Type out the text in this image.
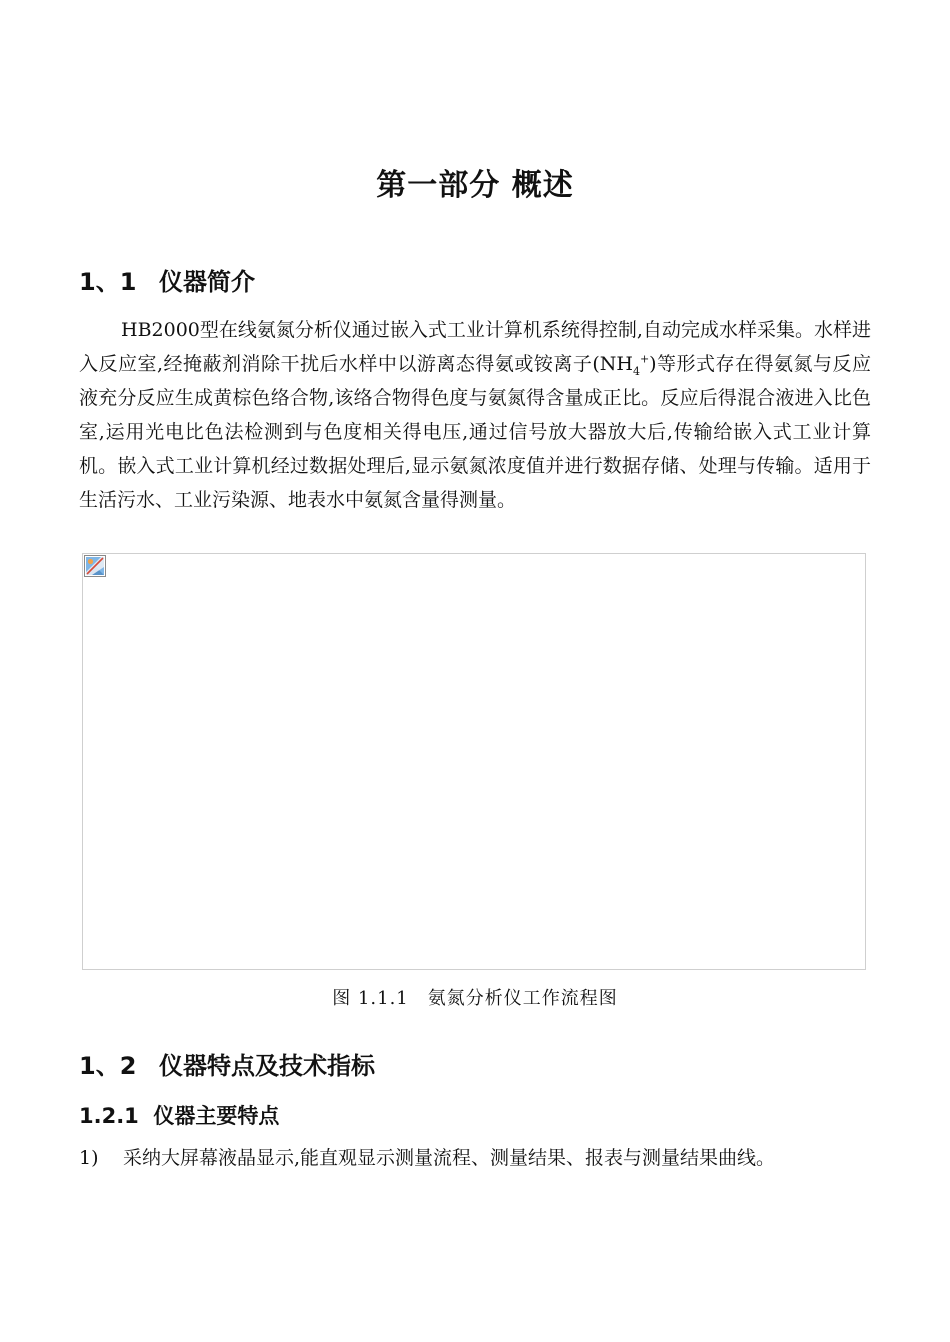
第一部分 概述
1、1 仪器简介
HB2000型在线氨氮分析仪通过嵌入式工业计算机系统得控制,自动完成水样采集。水样进入反应室,经掩蔽剂消除干扰后水样中以游离态得氨或铵离子$(NH_4^+)$等形式存在得氨氮与反应液充分反应生成黄棕色络合物,该络合物得色度与氨氮得含量成正比。反应后得混合液进入比色室,运用光电比色法检测到与色度相关得电压,通过信号放大器放大后,传输给嵌入式工业计算机。嵌入式工业计算机经过数据处理后,显示氨氮浓度值并进行数据存储、处理与传输。适用于生活污水、工业污染源、地表水中氨氮含量得测量。
图 1.1.1　氨氮分析仪工作流程图
1、2 仪器特点及技术指标
1.2.1 仪器主要特点
1) 采纳大屏幕液晶显示,能直观显示测量流程、测量结果、报表与测量结果曲线。
